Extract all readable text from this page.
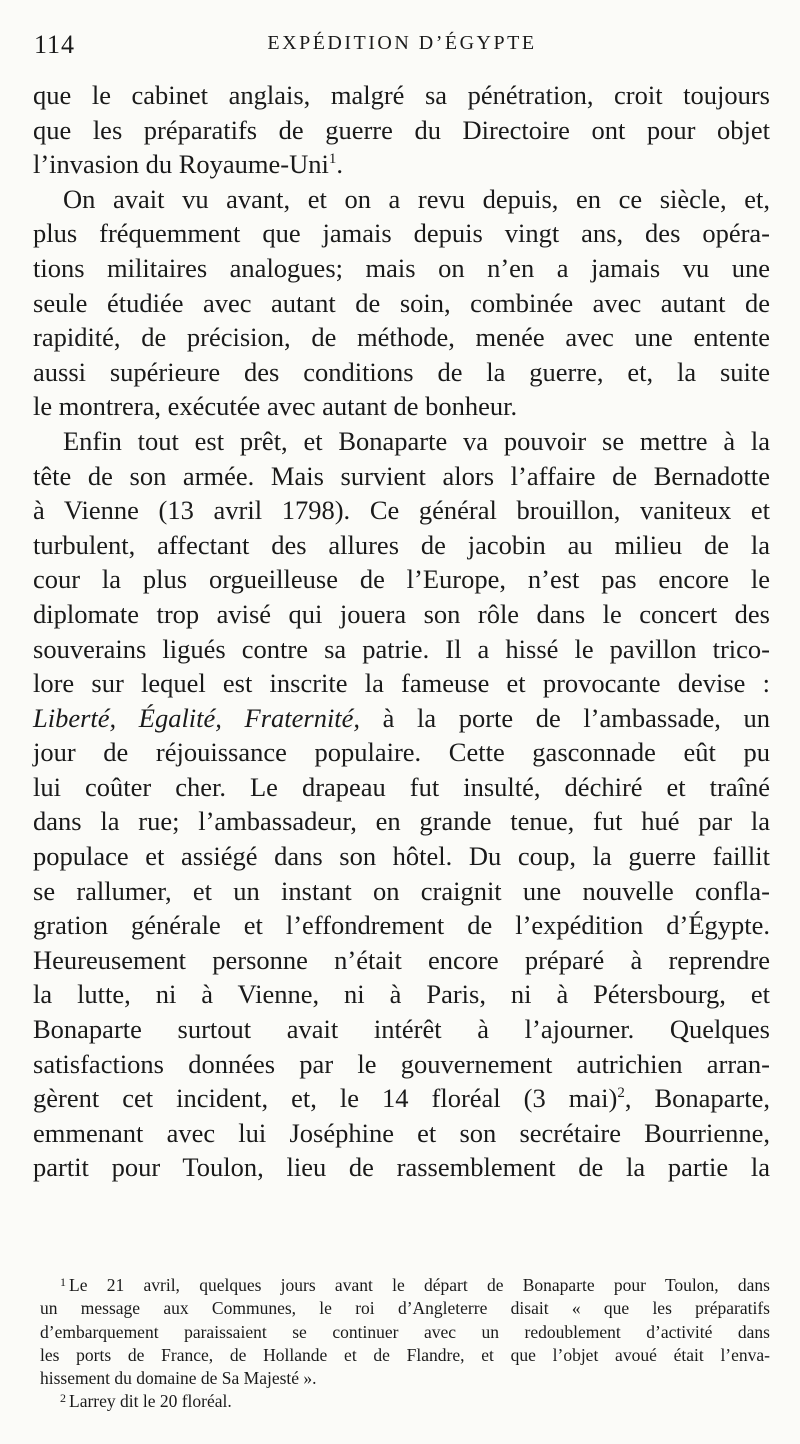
114	EXPÉDITION D’ÉGYPTE
que le cabinet anglais, malgré sa pénétration, croit toujours
que les préparatifs de guerre du Directoire ont pour objet
l’invasion du Royaume-Uni$^1$.
On avait vu avant, et on a revu depuis, en ce siècle, et,
plus fréquemment que jamais depuis vingt ans, des opéra-
tions militaires analogues; mais on n’en a jamais vu une
seule étudiée avec autant de soin, combinée avec autant de
rapidité, de précision, de méthode, menée avec une entente
aussi supérieure des conditions de la guerre, et, la suite
le montrera, exécutée avec autant de bonheur.
Enfin tout est prêt, et Bonaparte va pouvoir se mettre à la
tête de son armée. Mais survient alors l’affaire de Bernadotte
à Vienne (13 avril 1798). Ce général brouillon, vaniteux et
turbulent, affectant des allures de jacobin au milieu de la
cour la plus orgueilleuse de l’Europe, n’est pas encore le
diplomate trop avisé qui jouera son rôle dans le concert des
souverains ligués contre sa patrie. Il a hissé le pavillon trico-
lore sur lequel est inscrite la fameuse et provocante devise :
Liberté, Égalité, Fraternité, à la porte de l’ambassade, un
jour de réjouissance populaire. Cette gasconnade eût pu
lui coûter cher. Le drapeau fut insulté, déchiré et traîné
dans la rue; l’ambassadeur, en grande tenue, fut hué par la
populace et assiégé dans son hôtel. Du coup, la guerre faillit
se rallumer, et un instant on craignit une nouvelle confla-
gration générale et l’effondrement de l’expédition d’Égypte.
Heureusement personne n’était encore préparé à reprendre
la lutte, ni à Vienne, ni à Paris, ni à Pétersbourg, et
Bonaparte surtout avait intérêt à l’ajourner. Quelques
satisfactions données par le gouvernement autrichien arran-
gèrent cet incident, et, le 14 floréal (3 mai)$^2$, Bonaparte,
emmenant avec lui Joséphine et son secrétaire Bourrienne,
partit pour Toulon, lieu de rassemblement de la partie la
$^1$ Le 21 avril, quelques jours avant le départ de Bonaparte pour Toulon, dans
un message aux Communes, le roi d’Angleterre disait « que les préparatifs
d’embarquement paraissaient se continuer avec un redoublement d’activité dans
les ports de France, de Hollande et de Flandre, et que l’objet avoué était l’enva-
hissement du domaine de Sa Majesté ».
$^2$ Larrey dit le 20 floréal.
